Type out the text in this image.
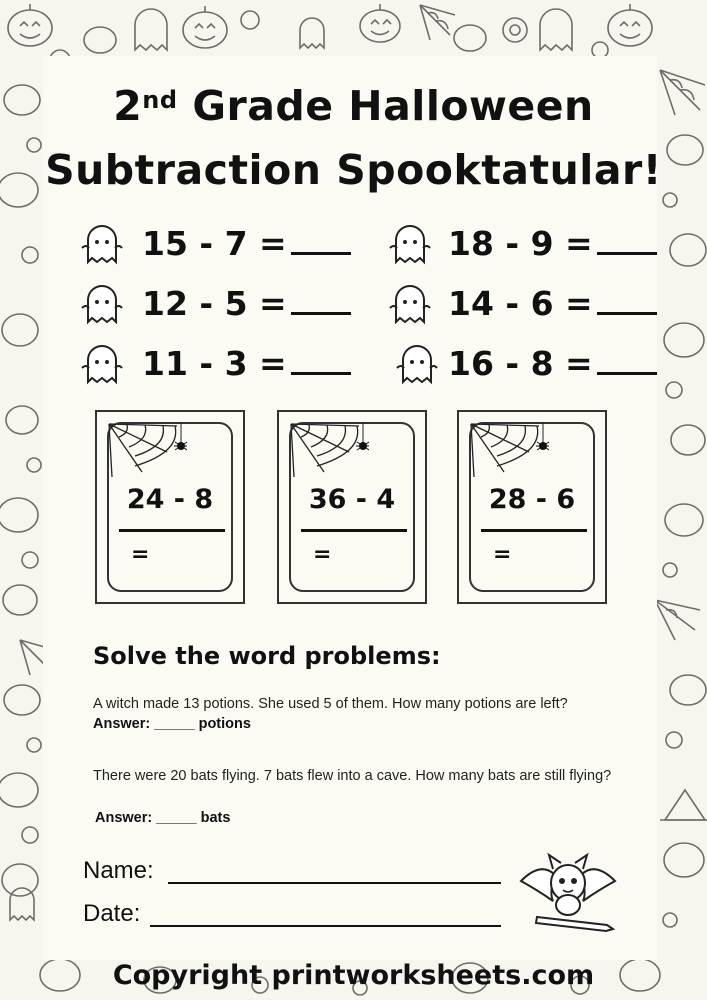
2nd Grade Halloween
Subtraction Spooktatular!
15 - 7 =	18 - 9 =
12 - 5 =	14 - 6 =
11 - 3 =	16 - 8 =
24 - 8
=
36 - 4
=
28 - 6
=
Solve the word problems:
A witch made 13 potions. She used 5 of them. How many potions are left?
Answer: _____ potions
There were 20 bats flying. 7 bats flew into a cave. How many bats are still flying?
Answer: _____ bats
Name:
Date:
Copyright printworksheets.com
